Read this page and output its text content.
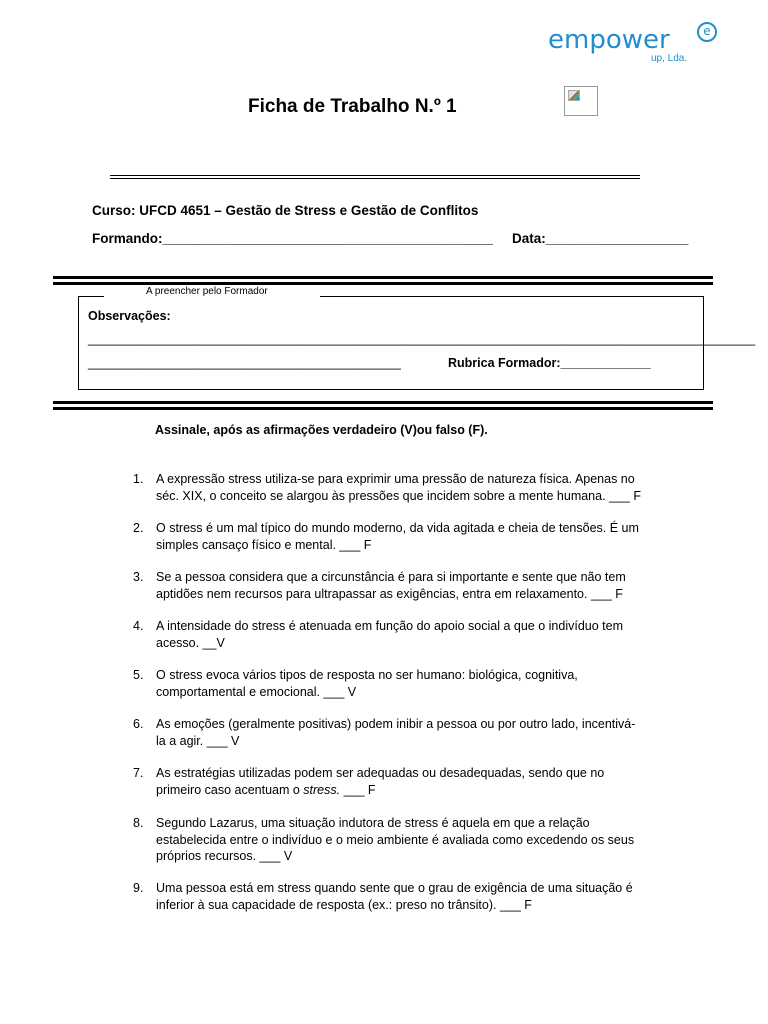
empower	e
up, Lda.
Ficha de Trabalho N.º 1
Curso: UFCD 4651 – Gestão de Stress e Gestão de Conflitos
Formando:____________________________________________ Data:___________________
A preencher pelo Formador
Observações:
________________________________________________________________________________________________
_____________________________________________	Rubrica Formador:_____________
Assinale, após as afirmações verdadeiro (V)ou falso (F).
1. A expressão stress utiliza-se para exprimir uma pressão de natureza física. Apenas no
séc. XIX, o conceito se alargou às pressões que incidem sobre a mente humana. ___ F
2. O stress é um mal típico do mundo moderno, da vida agitada e cheia de tensões. É um
simples cansaço físico e mental. ___ F
3. Se a pessoa considera que a circunstância é para si importante e sente que não tem
aptidões nem recursos para ultrapassar as exigências, entra em relaxamento. ___ F
4. A intensidade do stress é atenuada em função do apoio social a que o indivíduo tem
acesso. __V
5. O stress evoca vários tipos de resposta no ser humano: biológica, cognitiva,
comportamental e emocional. ___ V
6. As emoções (geralmente positivas) podem inibir a pessoa ou por outro lado, incentivá-
la a agir. ___ V
7. As estratégias utilizadas podem ser adequadas ou desadequadas, sendo que no
primeiro caso acentuam o stress. ___ F
8. Segundo Lazarus, uma situação indutora de stress é aquela em que a relação
estabelecida entre o indivíduo e o meio ambiente é avaliada como excedendo os seus
próprios recursos. ___ V
9. Uma pessoa está em stress quando sente que o grau de exigência de uma situação é
inferior à sua capacidade de resposta (ex.: preso no trânsito). ___ F
